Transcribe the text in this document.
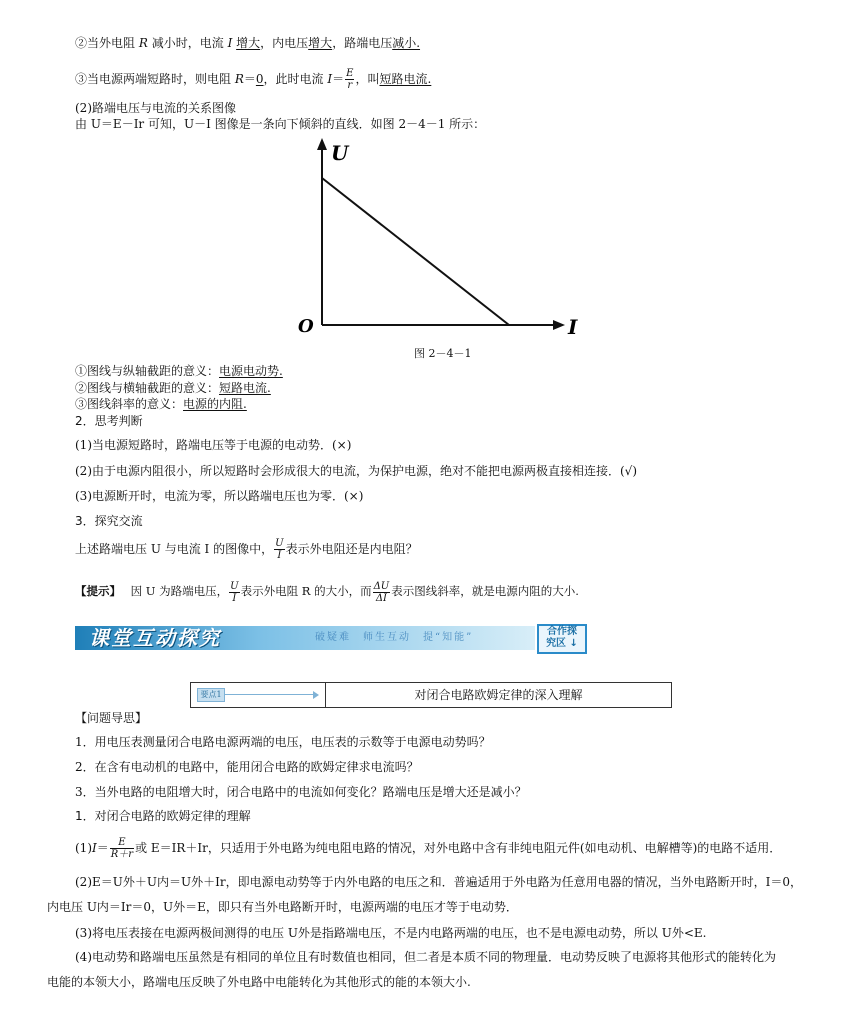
②当外电阻 R 减小时，电流 I 增大，内电压增大，路端电压减小.
③当电源两端短路时，则电阻 R＝0，此时电流 $I= \frac{E}{r}$ ，叫短路电流.
(2)路端电压与电流的关系图像
由 U＝E－Ir 可知，U－I 图像是一条向下倾斜的直线．如图 2－4－1 所示：
U
I
O
图 2－4－1
①图线与纵轴截距的意义：电源电动势.
②图线与横轴截距的意义：短路电流.
③图线斜率的意义：电源的内阻.
2．思考判断
(1)当电源短路时，路端电压等于电源的电动势．(×)
(2)由于电源内阻很小，所以短路时会形成很大的电流，为保护电源，绝对不能把电源两极直接相连接．(√)
(3)电源断开时，电流为零，所以路端电压也为零．(×)
3．探究交流
上述路端电压 U 与电流 I 的图像中， $\frac{U}{I}$ 表示外电阻还是内电阻？
【提示】 因 U 为路端电压， $\frac{U}{I}$ 表示外电阻 R 的大小，而 $\frac{\Delta U}{\Delta I}$ 表示图线斜率，就是电源内阻的大小.
课堂互动探究	破疑难　师生互动　提“知能”
合作探
究区 ↓
要点1	对闭合电路欧姆定律的深入理解
【问题导思】
1．用电压表测量闭合电路电源两端的电压，电压表的示数等于电源电动势吗？
2．在含有电动机的电路中，能用闭合电路的欧姆定律求电流吗？
3．当外电路的电阻增大时，闭合电路中的电流如何变化？路端电压是增大还是减小？
1．对闭合电路的欧姆定律的理解
$(1)I= \frac{E}{R+r}$ 或 E＝IR＋Ir，只适用于外电路为纯电阻电路的情况，对外电路中含有非纯电阻元件(如电动机、电解槽等)的电路不适用．
(2)E＝U外＋U内＝U外＋Ir，即电源电动势等于内外电路的电压之和．普遍适用于外电路为任意用电器的情况，当外电路断开时，I＝0，
内电压 U内＝Ir＝0，U外＝E，即只有当外电路断开时，电源两端的电压才等于电动势．
(3)将电压表接在电源两极间测得的电压 U外是指路端电压，不是内电路两端的电压，也不是电源电动势，所以 U外<E.
(4)电动势和路端电压虽然是有相同的单位且有时数值也相同，但二者是本质不同的物理量．电动势反映了电源将其他形式的能转化为
电能的本领大小，路端电压反映了外电路中电能转化为其他形式的能的本领大小.
